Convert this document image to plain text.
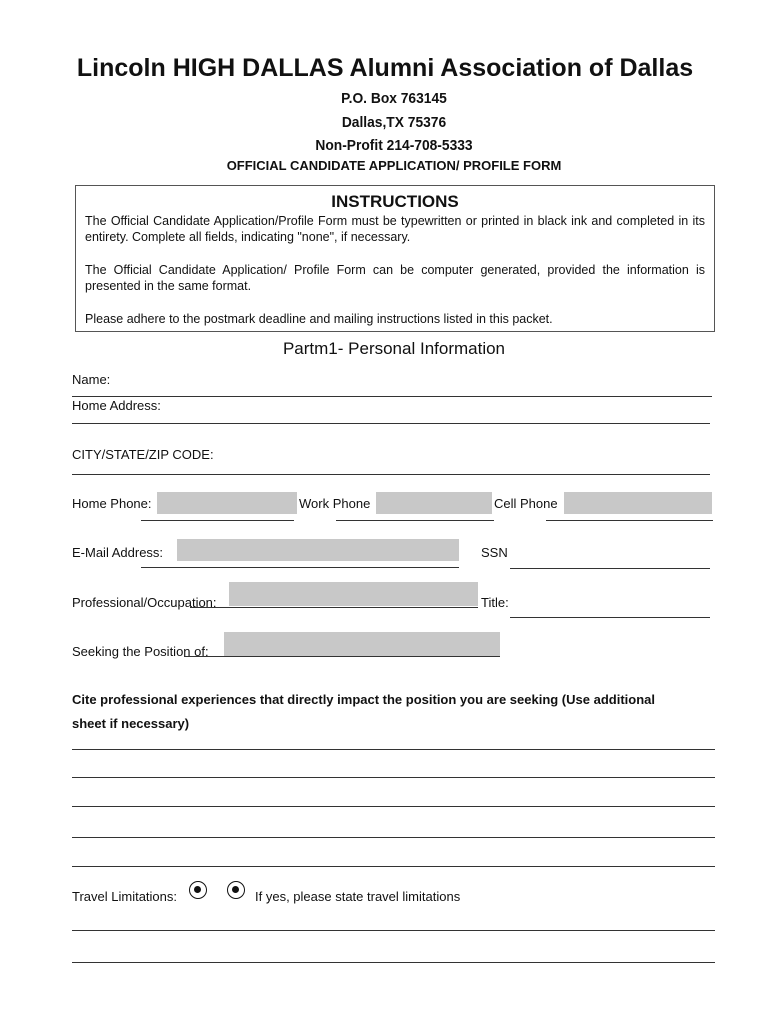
Lincoln HIGH DALLAS Alumni Association of Dallas
P.O. Box 763145
Dallas,TX 75376
Non-Profit 214-708-5333
OFFICIAL CANDIDATE APPLICATION/ PROFILE FORM
INSTRUCTIONS
The Official Candidate Application/Profile Form must be typewritten or printed in black ink and completed in its entirety. Complete all fields, indicating "none", if necessary.
The Official Candidate Application/ Profile Form can be computer generated, provided the information is presented in the same format.
Please adhere to the postmark deadline and mailing instructions listed in this packet.
Partm1- Personal Information
Name:
Home Address:
CITY/STATE/ZIP CODE:
Home Phone:	Work Phone	Cell Phone
E-Mail Address:	SSN
Professional/Occupation:	Title:
Seeking the Position of:
Cite professional experiences that directly impact the position you are seeking (Use additional
sheet if necessary)
Travel Limitations:	If yes, please state travel limitations
